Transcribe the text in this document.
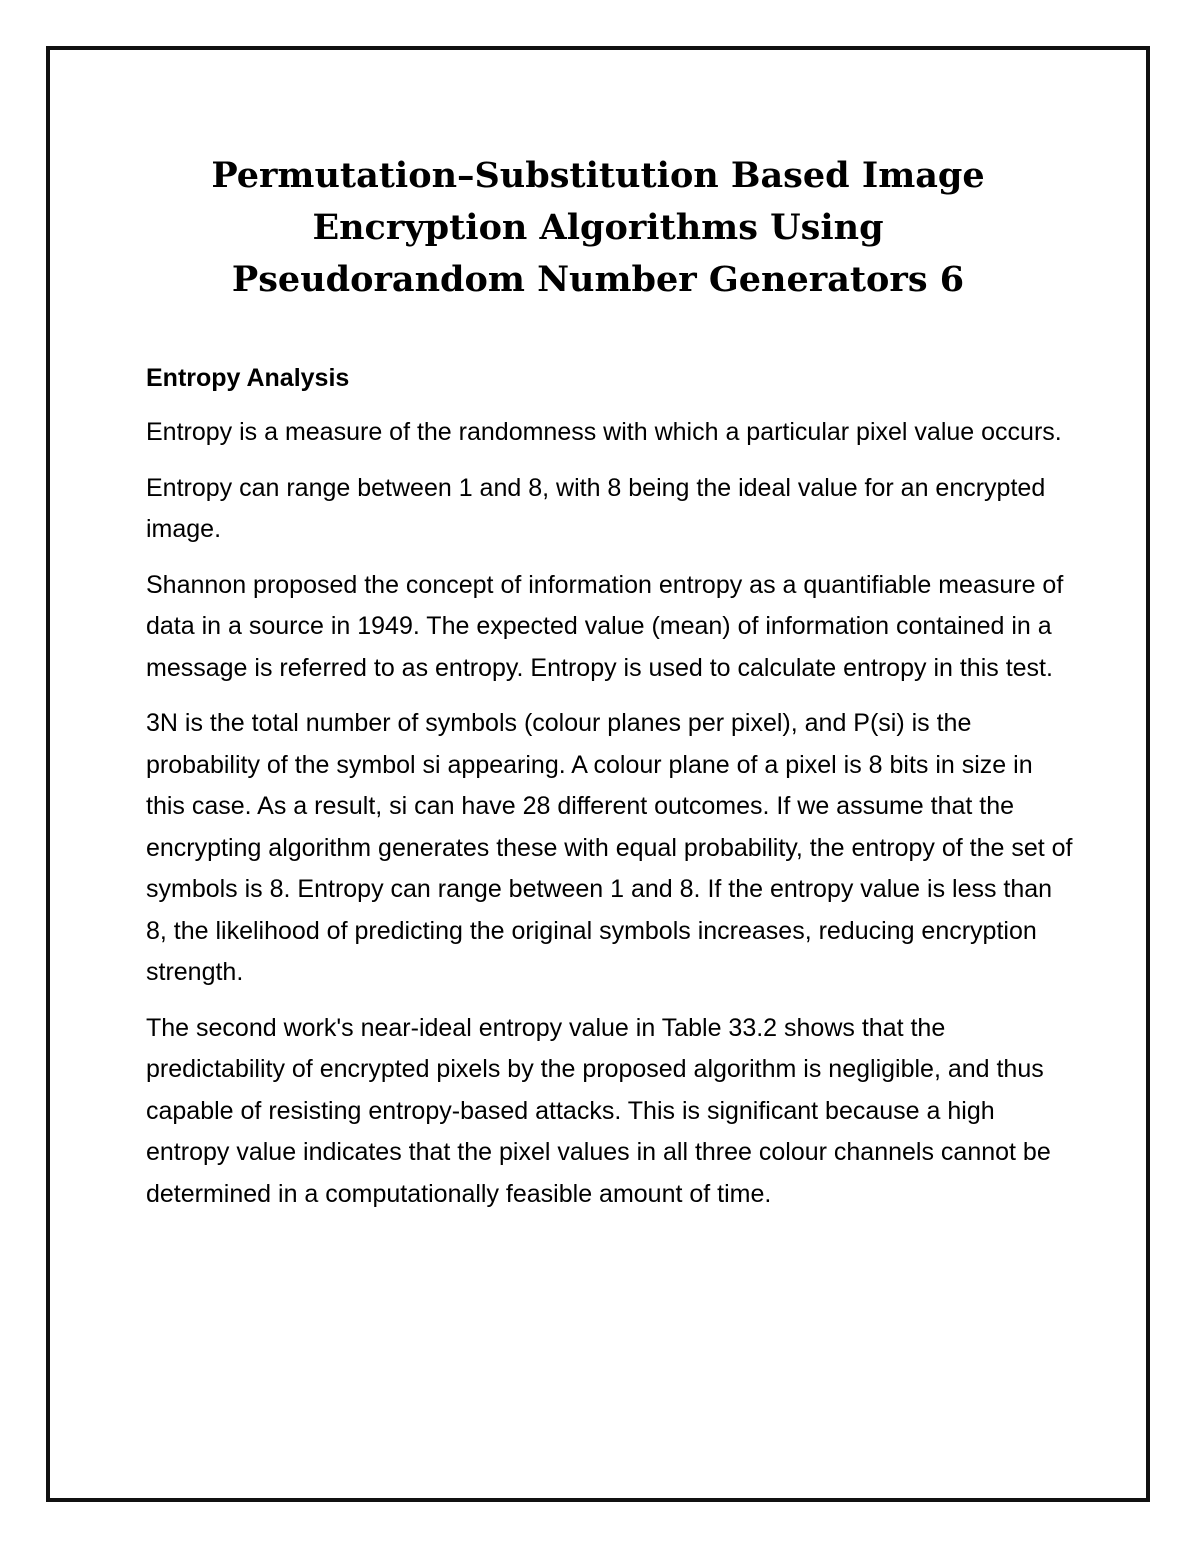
Permutation–Substitution Based Image
Encryption Algorithms Using
Pseudorandom Number Generators 6
Entropy Analysis

Entropy is a measure of the randomness with which a particular pixel value occurs.

Entropy can range between 1 and 8, with 8 being the ideal value for an encrypted image.

Shannon proposed the concept of information entropy as a quantifiable measure of data in a source in 1949. The expected value (mean) of information contained in a message is referred to as entropy. Entropy is used to calculate entropy in this test.

3N is the total number of symbols (colour planes per pixel), and P(si) is the probability of the symbol si appearing. A colour plane of a pixel is 8 bits in size in this case. As a result, si can have 28 different outcomes. If we assume that the encrypting algorithm generates these with equal probability, the entropy of the set of symbols is 8. Entropy can range between 1 and 8. If the entropy value is less than 8, the likelihood of predicting the original symbols increases, reducing encryption strength.

The second work's near-ideal entropy value in Table 33.2 shows that the predictability of encrypted pixels by the proposed algorithm is negligible, and thus capable of resisting entropy-based attacks. This is significant because a high entropy value indicates that the pixel values in all three colour channels cannot be determined in a computationally feasible amount of time.
